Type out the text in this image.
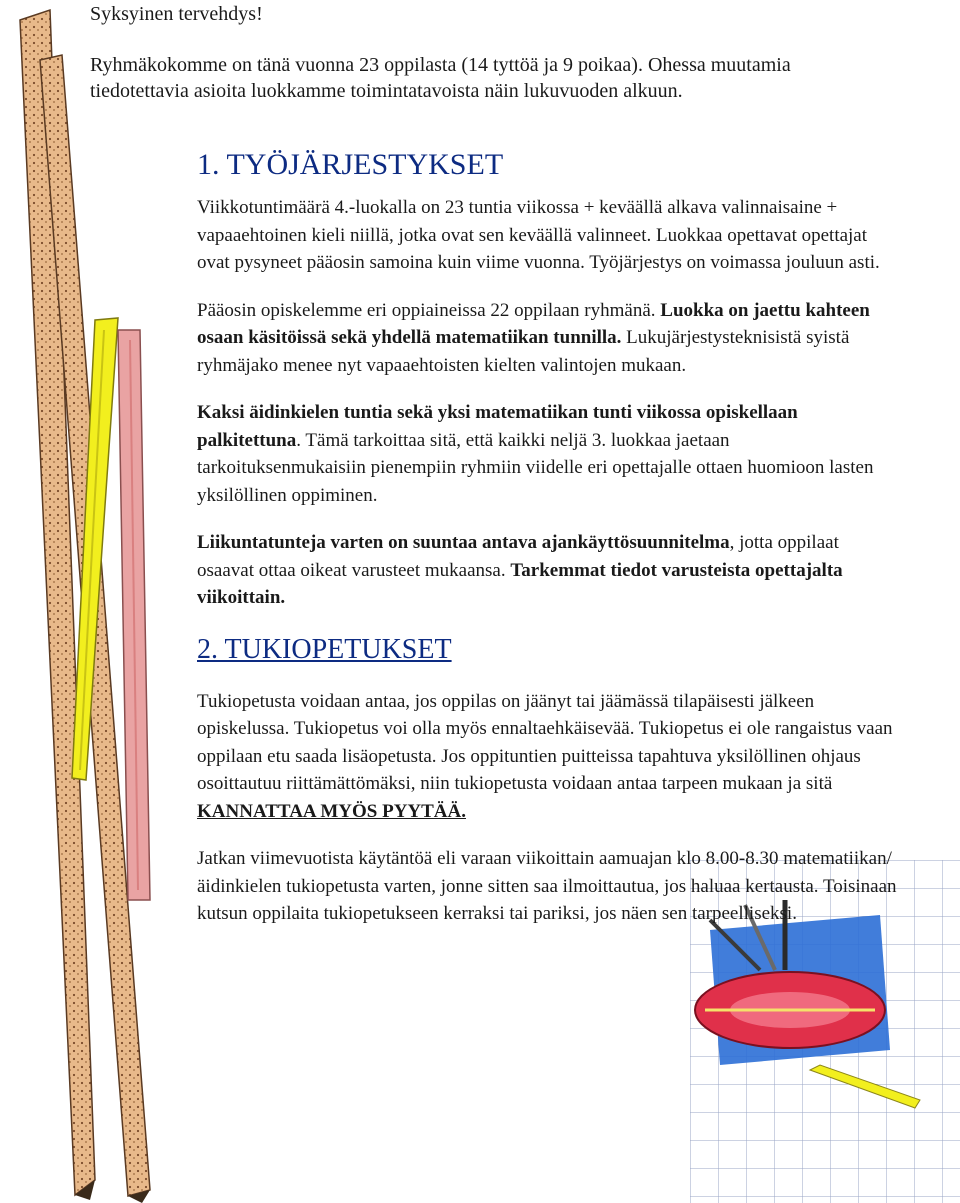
Syksyinen tervehdys!

Ryhmäkokomme on tänä vuonna 23 oppilasta (14 tyttöä ja 9 poikaa). Ohessa muutamia tiedotettavia asioita luokkamme toimintatavoista näin lukuvuoden alkuun.

1. TYÖJÄRJESTYKSET

Viikkotuntimäärä 4.-luokalla on 23 tuntia viikossa + keväällä alkava valinnaisaine + vapaaehtoinen kieli niillä, jotka ovat sen keväällä valinneet. Luokkaa opettavat opettajat ovat pysyneet pääosin samoina kuin viime vuonna. Työjärjestys on voimassa jouluun asti.

Pääosin opiskelemme eri oppiaineissa 22 oppilaan ryhmänä. Luokka on jaettu kahteen osaan käsitöissä sekä yhdellä matematiikan tunnilla. Lukujärjestysteknisistä syistä ryhmäjako menee nyt vapaaehtoisten kielten valintojen mukaan.

Kaksi äidinkielen tuntia sekä yksi matematiikan tunti viikossa opiskellaan palkitettuna. Tämä tarkoittaa sitä, että kaikki neljä 3. luokkaa jaetaan tarkoituksenmukaisiin pienempiin ryhmiin viidelle eri opettajalle ottaen huomioon lasten yksilöllinen oppiminen.

Liikuntatunteja varten on suuntaa antava ajankäyttösuunnitelma, jotta oppilaat osaavat ottaa oikeat varusteet mukaansa. Tarkemmat tiedot varusteista opettajalta viikoittain.

2. TUKIOPETUKSET

Tukiopetusta voidaan antaa, jos oppilas on jäänyt tai jäämässä tilapäisesti jälkeen opiskelussa. Tukiopetus voi olla myös ennaltaehkäisevää. Tukiopetus ei ole rangaistus vaan oppilaan etu saada lisäopetusta. Jos oppituntien puitteissa tapahtuva yksilöllinen ohjaus osoittautuu riittämättömäksi, niin tukiopetusta voidaan antaa tarpeen mukaan ja sitä KANNATTAA MYÖS PYYTÄÄ.

Jatkan viimevuotista käytäntöä eli varaan viikoittain aamuajan klo 8.00-8.30 matematiikan/äidinkielen tukiopetusta varten, jonne sitten saa ilmoittautua, jos haluaa kertausta. Toisinaan kutsun oppilaita tukiopetukseen kerraksi tai pariksi, jos näen sen tarpeelliseksi.
